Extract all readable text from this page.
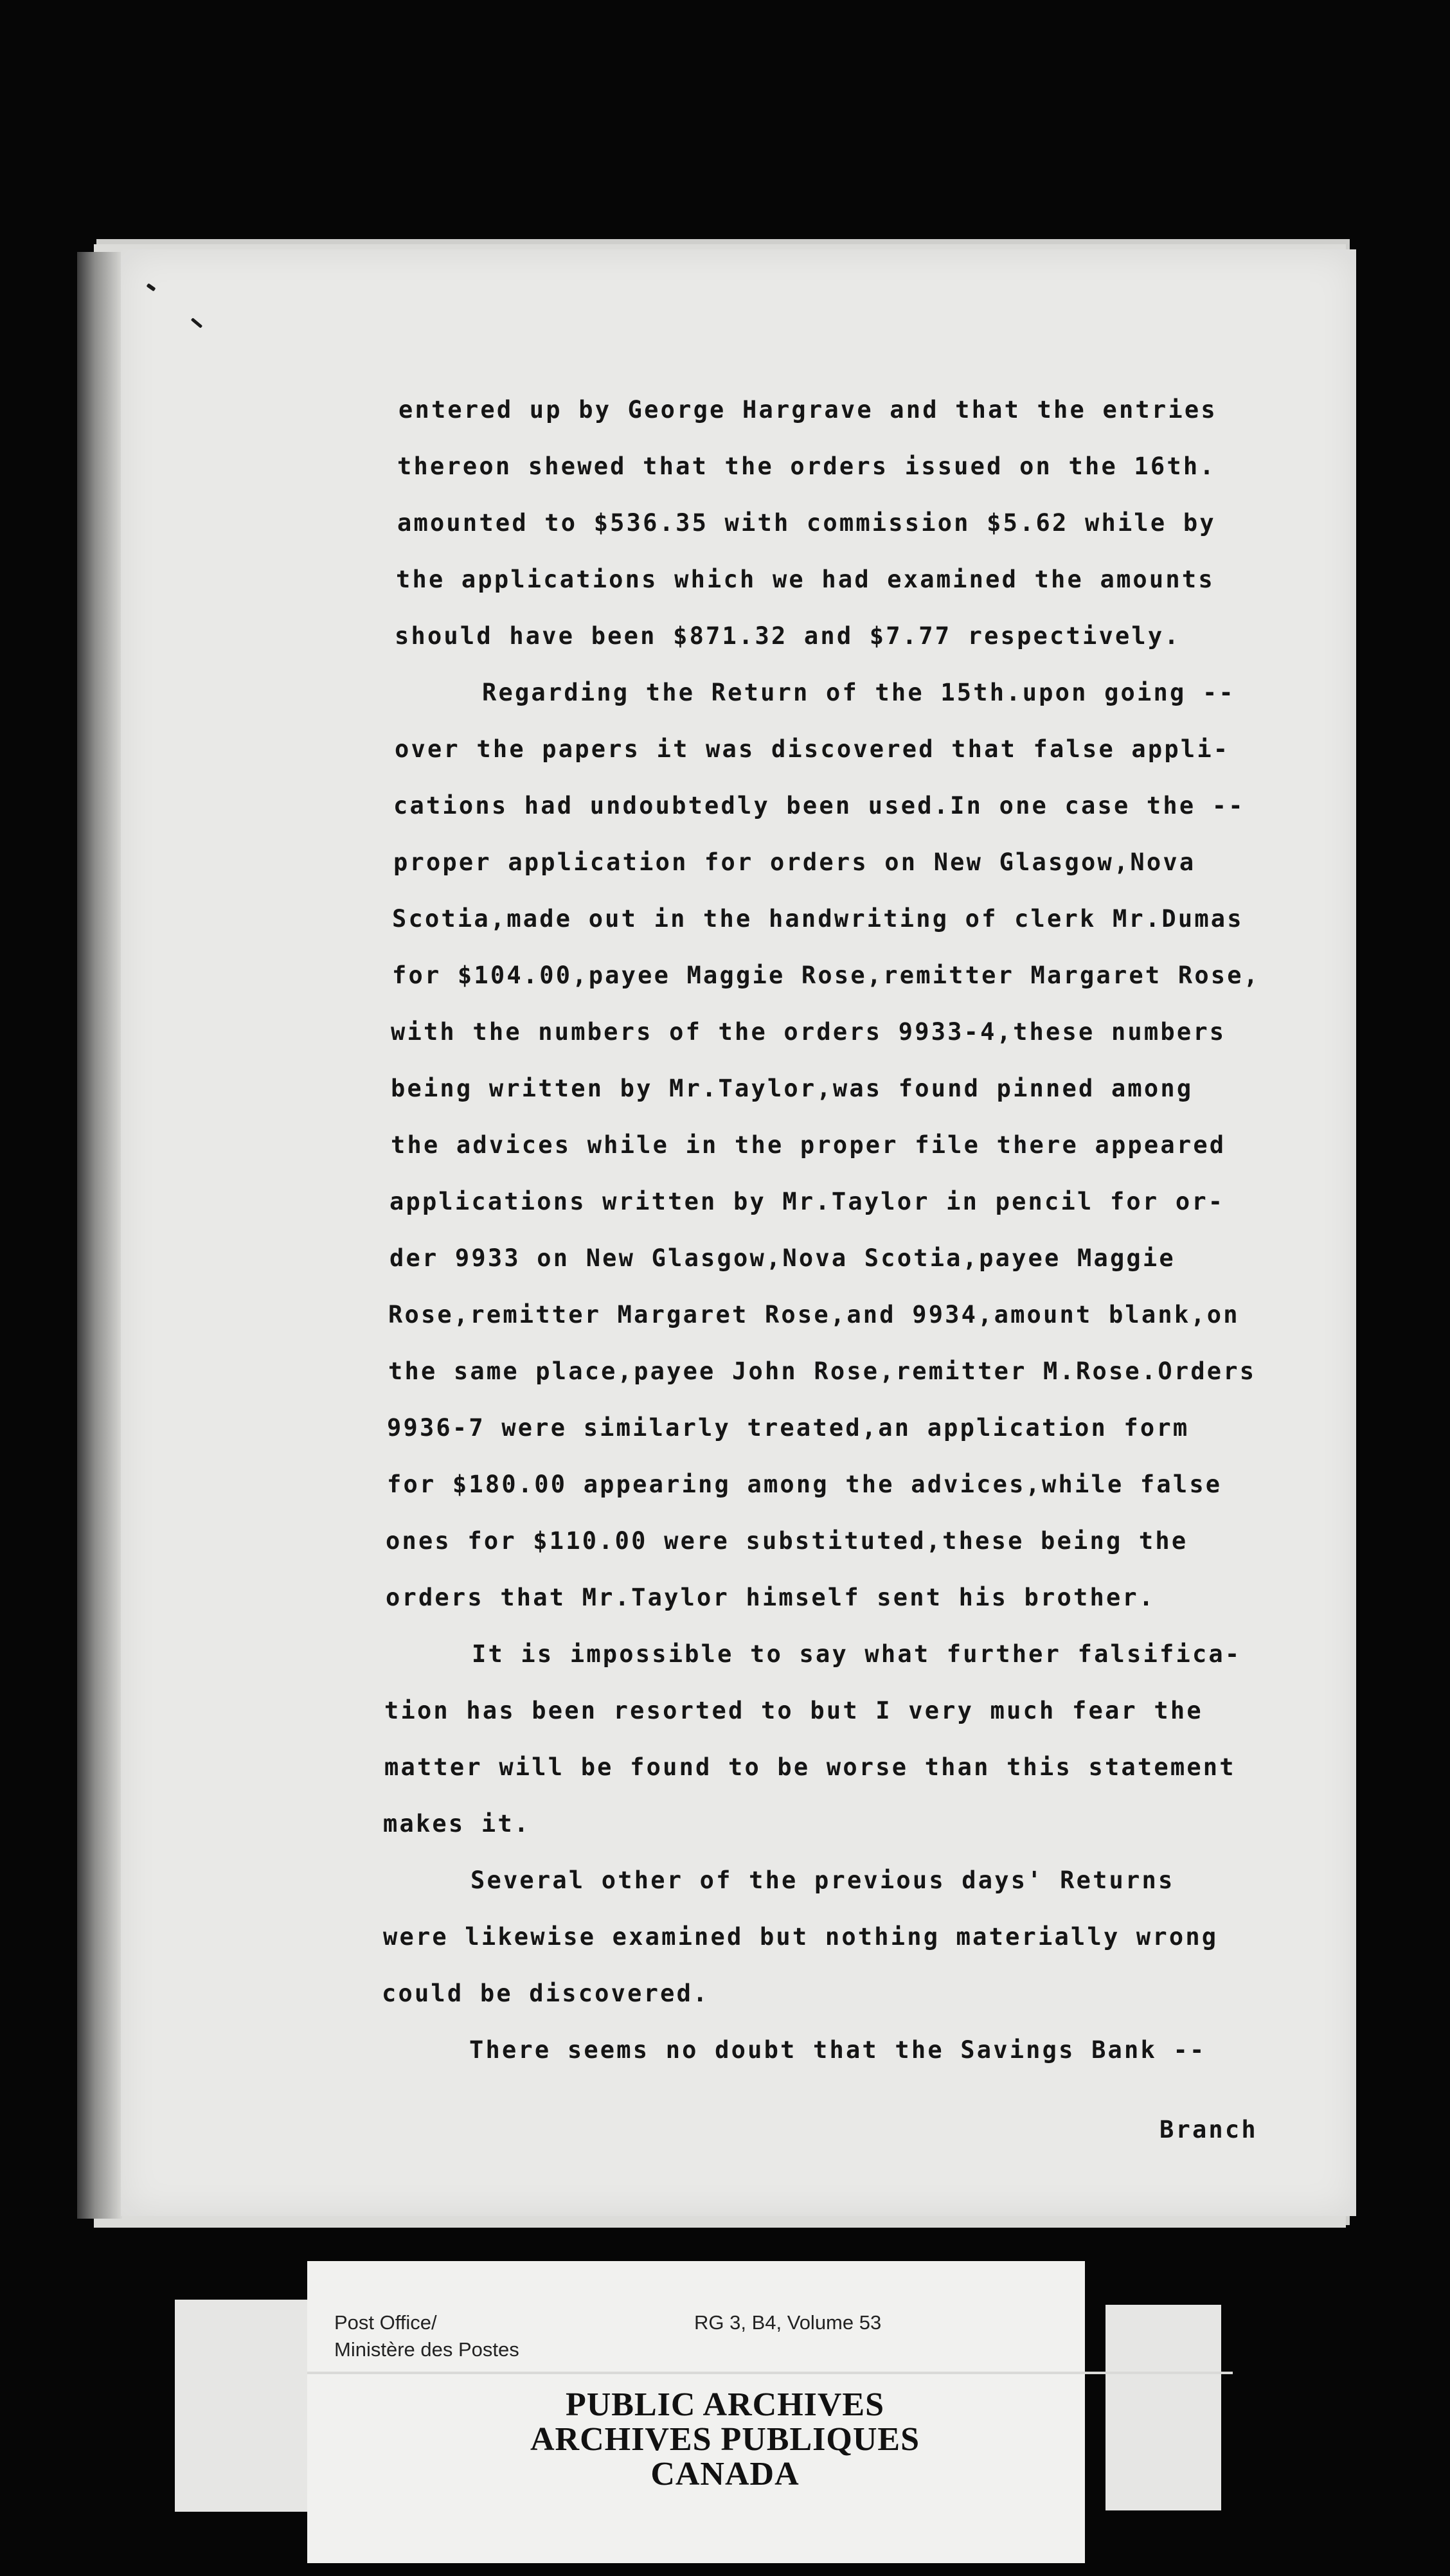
entered up by George Hargrave and that the entries
thereon shewed that the orders issued on the 16th.
amounted to $536.35 with commission $5.62 while by
the applications which we had examined the amounts
should have been $871.32 and $7.77 respectively.
Regarding the Return of the 15th.upon going --
over the papers it was discovered that false appli-
cations had undoubtedly been used.In one case the --
proper application for orders on New Glasgow,Nova
Scotia,made out in the handwriting of clerk Mr.Dumas
for $104.00,payee Maggie Rose,remitter Margaret Rose,
with the numbers of the orders 9933-4,these numbers
being written by Mr.Taylor,was found pinned among
the advices while in the proper file there appeared
applications written by Mr.Taylor in pencil for or-
der 9933 on New Glasgow,Nova Scotia,payee Maggie
Rose,remitter Margaret Rose,and 9934,amount blank,on
the same place,payee John Rose,remitter M.Rose.Orders
9936-7 were similarly treated,an application form
for $180.00 appearing among the advices,while false
ones for $110.00 were substituted,these being the
orders that Mr.Taylor himself sent his brother.
It is impossible to say what further falsifica-
tion has been resorted to but I very much fear the
matter will be found to be worse than this statement
makes it.
Several other of the previous days' Returns
were likewise examined but nothing materially wrong
could be discovered.
There seems no doubt that the Savings Bank --
Branch
Post Office/
Ministère des Postes
RG 3, B4, Volume 53
PUBLIC ARCHIVES
ARCHIVES PUBLIQUES
CANADA
